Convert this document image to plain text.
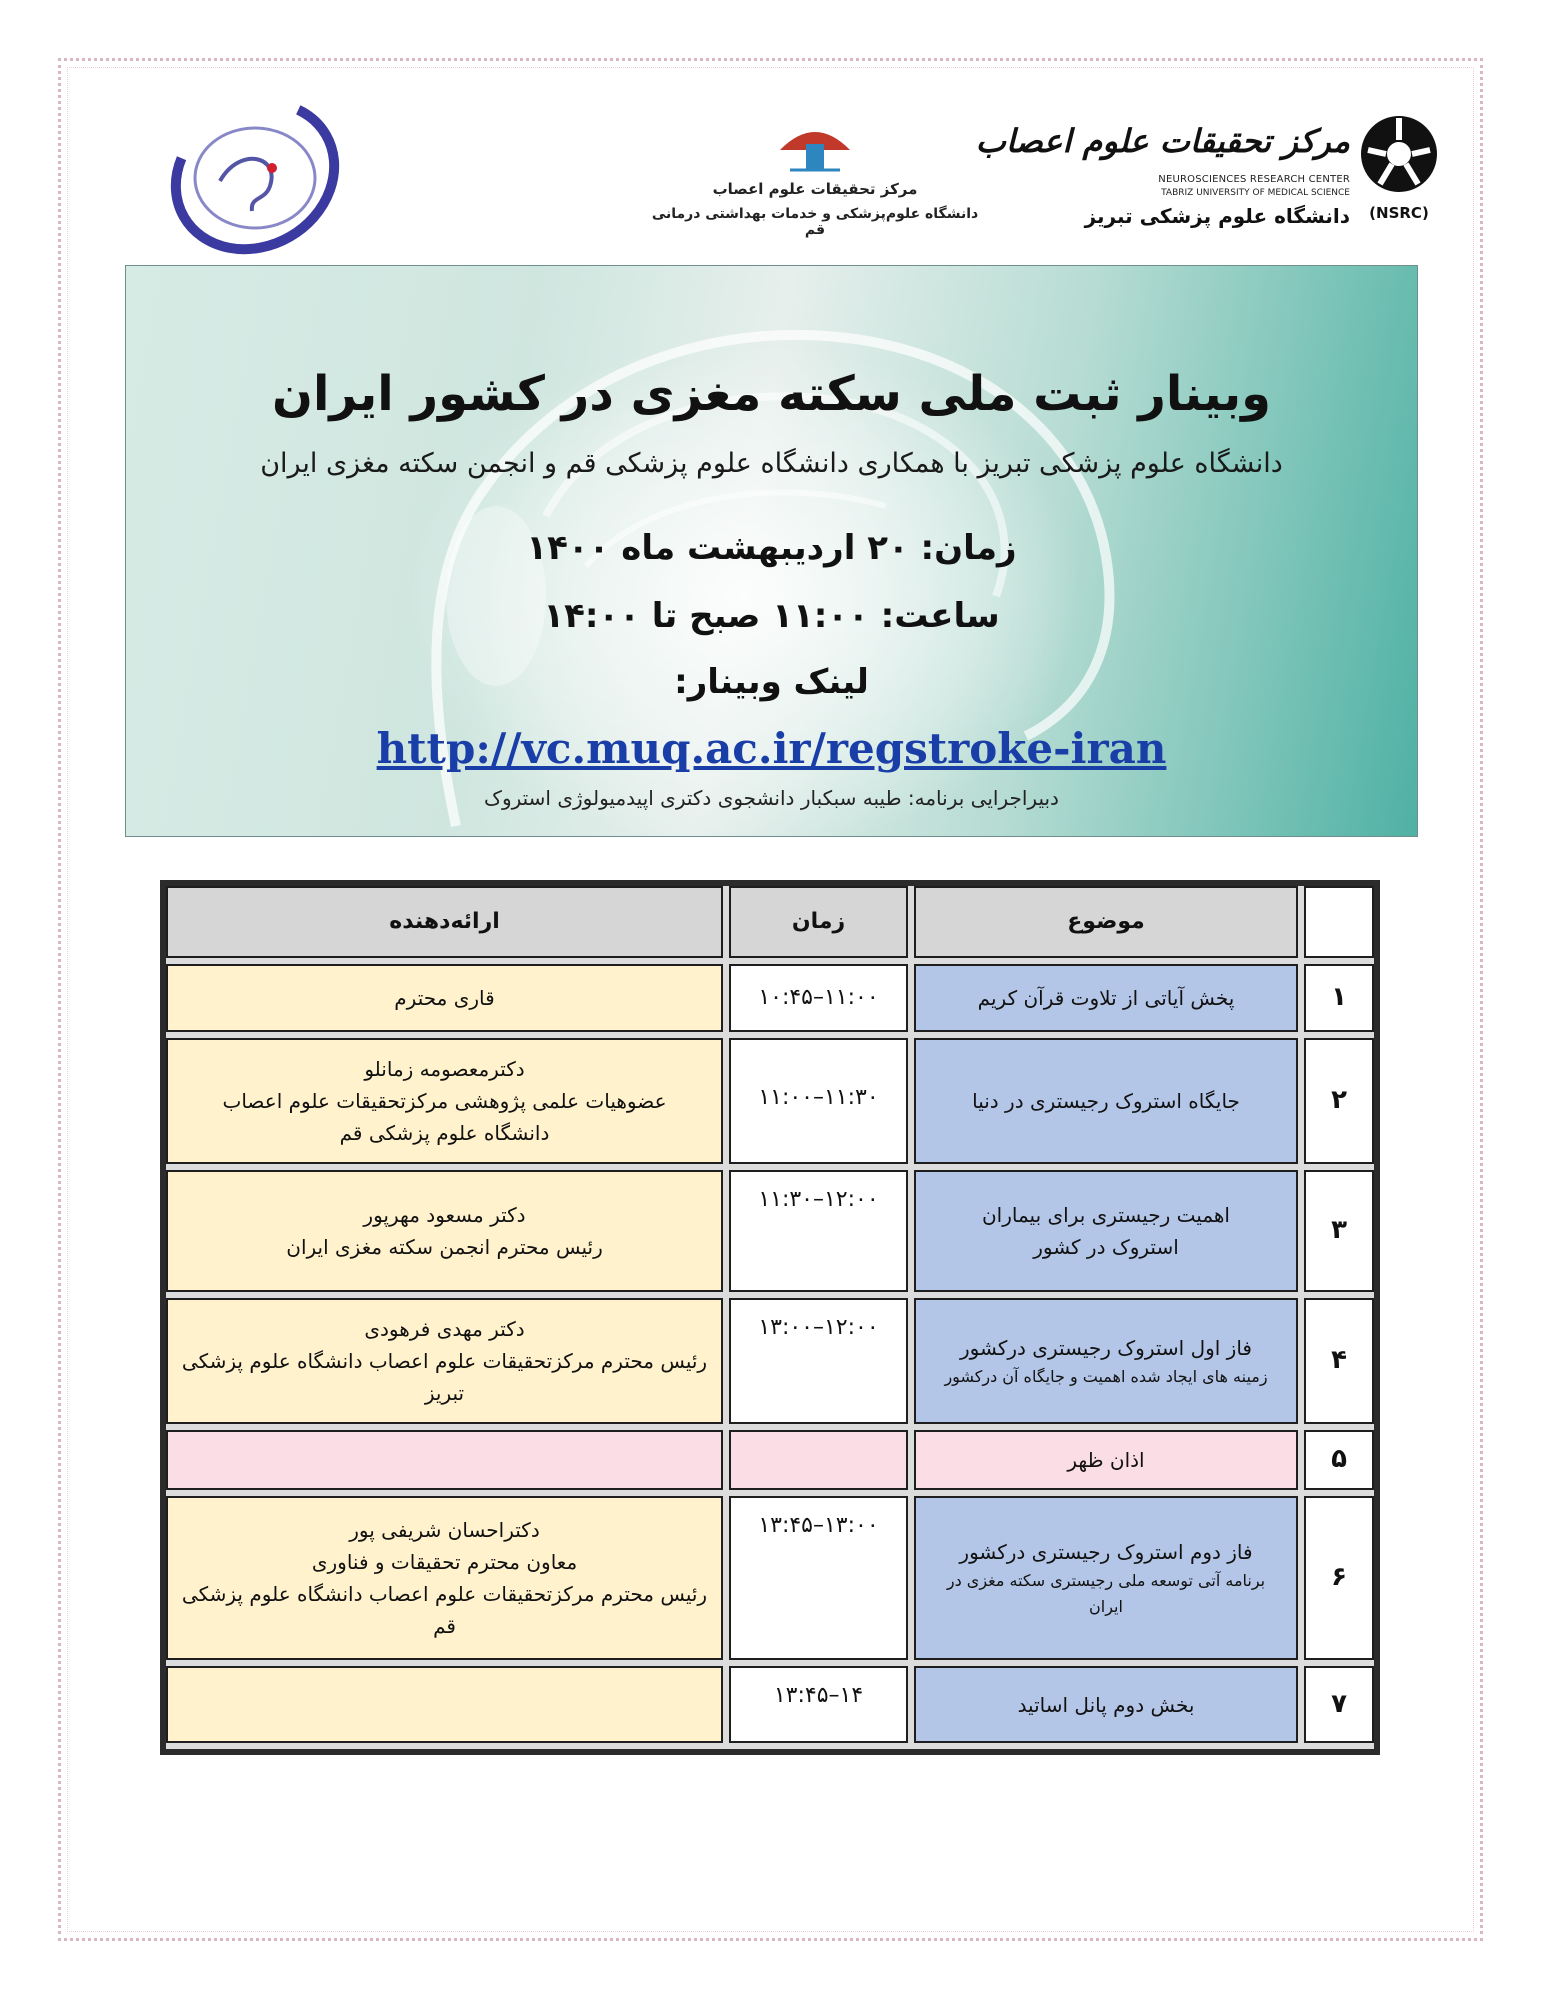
مرکز تحقیقات علوم اعصاب
دانشگاه علوم‌پزشکی و خدمات بهداشتی درمانی قم
مرکز تحقیقات علوم اعصاب
NEUROSCIENCES RESEARCH CENTER
TABRIZ UNIVERSITY OF MEDICAL SCIENCE
دانشگاه علوم پزشکی تبریز (NSRC)
وبینار ثبت ملی سکته مغزی در کشور ایران
دانشگاه علوم پزشکی تبریز با همکاری دانشگاه علوم پزشکی قم و انجمن سکته مغزی ایران
زمان: ۲۰ اردیبهشت ماه ۱۴۰۰
ساعت: ۱۱:۰۰ صبح تا ۱۴:۰۰
لینک وبینار:
http://vc.muq.ac.ir/regstroke-iran
دبیراجرایی برنامه: طیبه سبکبار دانشجوی دکتری اپیدمیولوژی استروک
موضوع
زمان
ارائه‌دهنده
۱
پخش آیاتی از تلاوت قرآن کریم
۱۰:۴۵–۱۱:۰۰
قاری محترم
۲
جایگاه استروک رجیستری در دنیا
۱۱:۰۰–۱۱:۳۰
دکترمعصومه زمانلو
عضوهیات علمی پژوهشی مرکزتحقیقات علوم اعصاب
دانشگاه علوم پزشکی قم
۳
اهمیت رجیستری برای بیماران استروک در کشور
۱۱:۳۰–۱۲:۰۰
دکتر مسعود مهرپور
رئیس محترم انجمن سکته مغزی ایران
۴
فاز اول استروک رجیستری درکشور
زمینه های ایجاد شده اهمیت و جایگاه آن درکشور
۱۳:۰۰–۱۲:۰۰
دکتر مهدی فرهودی
رئیس محترم مرکزتحقیقات علوم اعصاب دانشگاه علوم پزشکی
تبریز
۵
اذان ظهر
۶
فاز دوم استروک رجیستری درکشور
برنامه آتی توسعه ملی رجیستری سکته مغزی در ایران
۱۳:۴۵–۱۳:۰۰
دکتراحسان شریفی پور
معاون محترم تحقیقات و فناوری
رئیس محترم مرکزتحقیقات علوم اعصاب دانشگاه علوم پزشکی
قم
۷
بخش دوم پانل اساتید
۱۳:۴۵–۱۴
